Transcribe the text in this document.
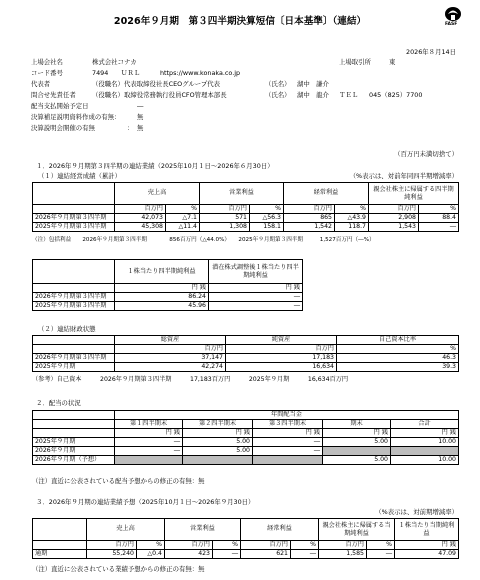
FASF
2026年９月期　第３四半期決算短信〔日本基準〕（連結）
2026年８月14日
上場会社名	株式会社コナカ	上場取引所	東
コード番号	7494 ＵＲＬ	https://www.konaka.co.jp
代表者	（役職名）代表取締役社長CEOグループ代表	（氏名） 湖中　謙介
問合せ先責任者	（役職名）取締役常務執行役員CFO管理本部長	（氏名） 湖中　龍介 ＴＥＬ 045（825）7700
配当支払開始予定日	―
決算補足説明資料作成の有無：	無
決算説明会開催の有無	： 無
（百万円未満切捨て）
１．2026年９月期第３四半期の連結業績（2025年10月１日～2026年６月30日）
（１）連結経営成績（累計）	（%表示は、対前年同四半期増減率）
	売上高		営業利益		経常利益		親会社株主に帰属する四半期純利益	
	百万円	%	百万円	%	百万円	%	百万円	%
2026年９月期第３四半期	42,073	△7.1	571	△56.3	865	△43.9	2,908	88.4
2025年９月期第３四半期	45,308	△11.4	1,308	158.1	1,542	118.7	1,543	―
（注）包括利益　　2026年９月期第３四半期　　　　856百万円（△44.0%）　　2025年９月期第３四半期　　　1,527百万円（―%）
	１株当たり四半期純利益	潜在株式調整後１株当たり四半期純利益
	円 銭	円 銭
2026年９月期第３四半期	86.24	―
2025年９月期第３四半期	45.96	―
（２）連結財政状態
	総資産	純資産	自己資本比率
	百万円	百万円	%
2026年９月期第３四半期	37,147	17,183	46.3
2025年９月期	42,274	16,634	39.3
（参考）自己資本　　　2026年９月期第３四半期　　　17,183百万円　　　2025年９月期　　　16,634百万円
２．配当の状況
	年間配当金				
	第１四半期末	第２四半期末	第３四半期末	期末	合計
	円 銭	円 銭	円 銭	円 銭	円 銭
2025年９月期	―	5.00	―	5.00	10.00
2026年９月期	―	5.00	―		
2026年９月期（予想）				5.00	10.00
（注）直近に公表されている配当予想からの修正の有無：無
３．2026年９月期の連結業績予想（2025年10月１日～2026年９月30日）
（%表示は、対前期増減率）
	売上高		営業利益		経常利益		親会社株主に帰属する当期純利益		１株当たり当期純利益
	百万円	%	百万円	%	百万円	%	百万円	%	円 銭
通期	55,240	△0.4	423	―	621	―	1,585	―	47.09
（注）直近に公表されている業績予想からの修正の有無：無
